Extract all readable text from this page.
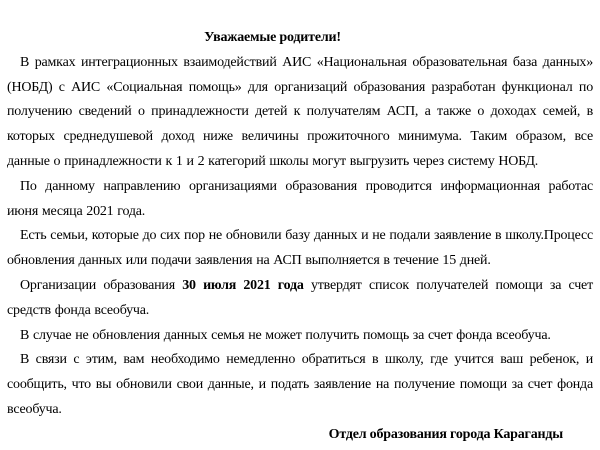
Уважаемые родители!

В рамках интеграционных взаимодействий АИС «Национальная образовательная база данных» (НОБД) с АИС «Социальная помощь» для организаций образования разработан функционал по получению сведений о принадлежности детей к получателям АСП, а также о доходах семей, в которых среднедушевой доход ниже величины прожиточного минимума. Таким образом, все данные о принадлежности к 1 и 2 категорий школы могут выгрузить через систему НОБД.

По данному направлению организациями образования проводится информационная работас июня месяца 2021 года.

Есть семьи, которые до сих пор не обновили базу данных и не подали заявление в школу.Процесс обновления данных или подачи заявления на АСП выполняется в течение 15 дней.

Организации образования 30 июля 2021 года утвердят список получателей помощи за счет средств фонда всеобуча.

В случае не обновления данных семья не может получить помощь за счет фонда всеобуча.

В связи с этим, вам необходимо немедленно обратиться в школу, где учится ваш ребенок, и сообщить, что вы обновили свои данные, и подать заявление на получение помощи за счет фонда всеобуча.

Отдел образования города Караганды
